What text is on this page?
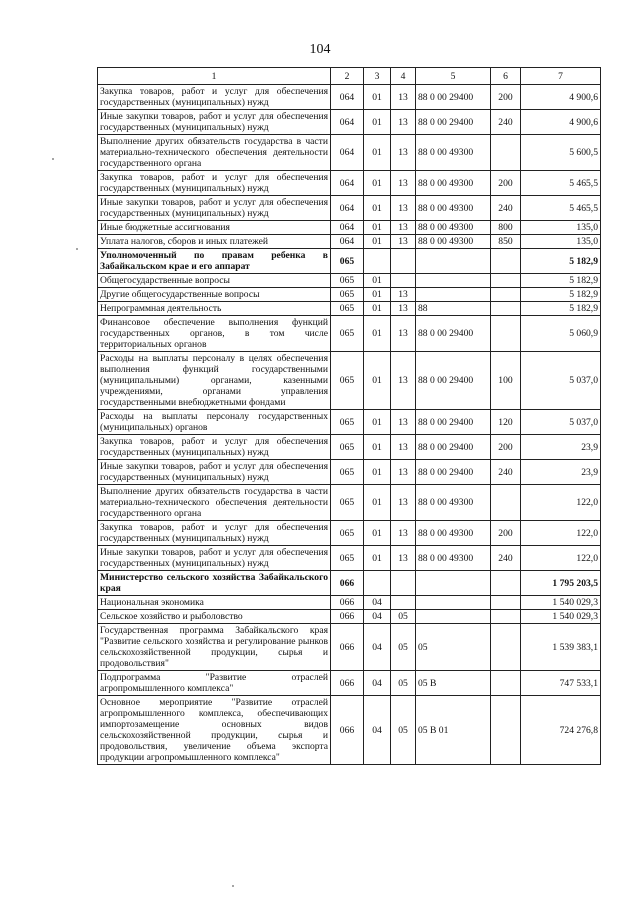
104
1	2	3	4	5	6	7
Закупка товаров, работ и услуг для обеспечения государственных (муниципальных) нужд	064	01	13	88 0 00 29400	200	4 900,6
Иные закупки товаров, работ и услуг для обеспечения государственных (муниципальных) нужд	064	01	13	88 0 00 29400	240	4 900,6
Выполнение других обязательств государства в части материально-технического обеспечения деятельности государственного органа	064	01	13	88 0 00 49300		5 600,5
Закупка товаров, работ и услуг для обеспечения государственных (муниципальных) нужд	064	01	13	88 0 00 49300	200	5 465,5
Иные закупки товаров, работ и услуг для обеспечения государственных (муниципальных) нужд	064	01	13	88 0 00 49300	240	5 465,5
Иные бюджетные ассигнования	064	01	13	88 0 00 49300	800	135,0
Уплата налогов, сборов и иных платежей	064	01	13	88 0 00 49300	850	135,0
Уполномоченный по правам ребенка в Забайкальском крае и его аппарат	065					5 182,9
Общегосударственные вопросы	065	01				5 182,9
Другие общегосударственные вопросы	065	01	13			5 182,9
Непрограммная деятельность	065	01	13	88		5 182,9
Финансовое обеспечение выполнения функций государственных органов, в том числе территориальных органов	065	01	13	88 0 00 29400		5 060,9
Расходы на выплаты персоналу в целях обеспечения выполнения функций государственными (муниципальными) органами, казенными учреждениями, органами управления государственными внебюджетными фондами	065	01	13	88 0 00 29400	100	5 037,0
Расходы на выплаты персоналу государственных (муниципальных) органов	065	01	13	88 0 00 29400	120	5 037,0
Закупка товаров, работ и услуг для обеспечения государственных (муниципальных) нужд	065	01	13	88 0 00 29400	200	23,9
Иные закупки товаров, работ и услуг для обеспечения государственных (муниципальных) нужд	065	01	13	88 0 00 29400	240	23,9
Выполнение других обязательств государства в части материально-технического обеспечения деятельности государственного органа	065	01	13	88 0 00 49300		122,0
Закупка товаров, работ и услуг для обеспечения государственных (муниципальных) нужд	065	01	13	88 0 00 49300	200	122,0
Иные закупки товаров, работ и услуг для обеспечения государственных (муниципальных) нужд	065	01	13	88 0 00 49300	240	122,0
Министерство сельского хозяйства Забайкальского края	066					1 795 203,5
Национальная экономика	066	04				1 540 029,3
Сельское хозяйство и рыболовство	066	04	05			1 540 029,3
Государственная программа Забайкальского края "Развитие сельского хозяйства и регулирование рынков сельскохозяйственной продукции, сырья и продовольствия"	066	04	05	05		1 539 383,1
Подпрограмма "Развитие отраслей агропромышленного комплекса"	066	04	05	05 В		747 533,1
Основное мероприятие "Развитие отраслей агропромышленного комплекса, обеспечивающих импортозамещение основных видов сельскохозяйственной продукции, сырья и продовольствия, увеличение объема экспорта продукции агропромышленного комплекса"	066	04	05	05 В 01		724 276,8
